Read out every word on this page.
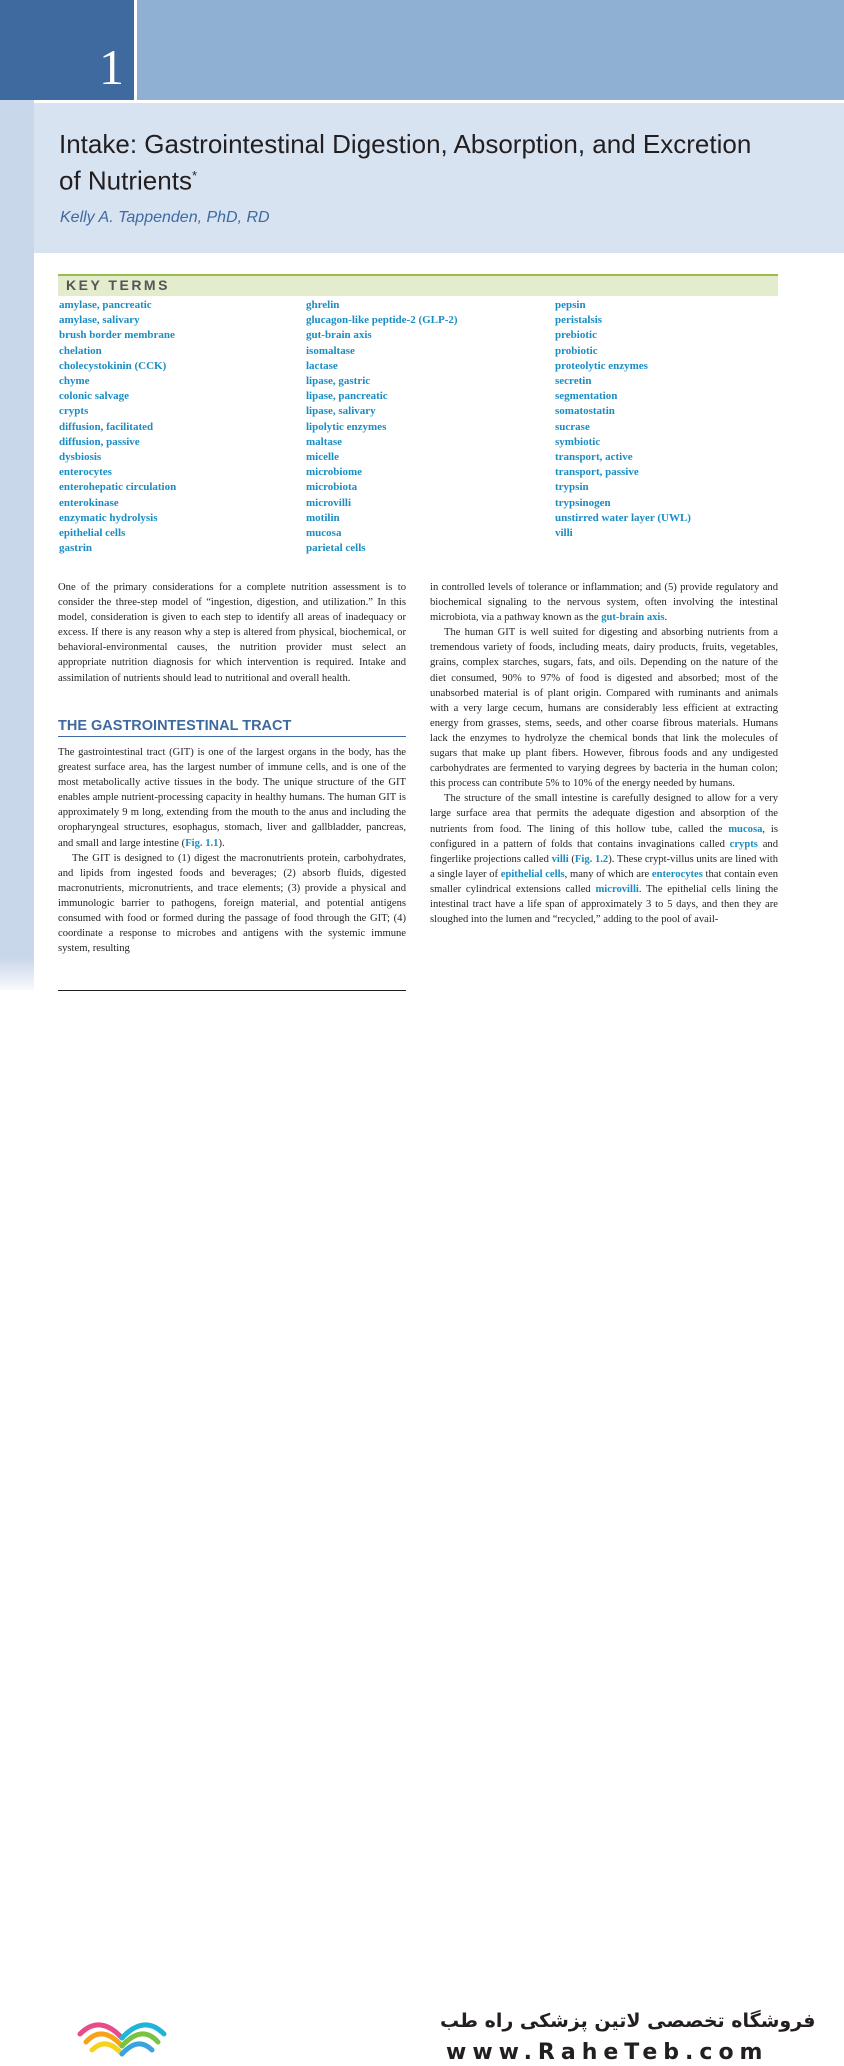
1
Intake: Gastrointestinal Digestion, Absorption, and Excretion of Nutrients*
Kelly A. Tappenden, PhD, RD
KEY TERMS
amylase, pancreatic
amylase, salivary
brush border membrane
chelation
cholecystokinin (CCK)
chyme
colonic salvage
crypts
diffusion, facilitated
diffusion, passive
dysbiosis
enterocytes
enterohepatic circulation
enterokinase
enzymatic hydrolysis
epithelial cells
gastrin
ghrelin
glucagon-like peptide-2 (GLP-2)
gut-brain axis
isomaltase
lactase
lipase, gastric
lipase, pancreatic
lipase, salivary
lipolytic enzymes
maltase
micelle
microbiome
microbiota
microvilli
motilin
mucosa
parietal cells
pepsin
peristalsis
prebiotic
probiotic
proteolytic enzymes
secretin
segmentation
somatostatin
sucrase
symbiotic
transport, active
transport, passive
trypsin
trypsinogen
unstirred water layer (UWL)
villi

One of the primary considerations for a complete nutrition assessment is to consider the three-step model of “ingestion, digestion, and utilization.” In this model, consideration is given to each step to identify all areas of inadequacy or excess. If there is any reason why a step is altered from physical, biochemical, or behavioral-environmental causes, the nutrition provider must select an appropriate nutrition diagnosis for which intervention is required. Intake and assimilation of nutrients should lead to nutritional and overall health.

THE GASTROINTESTINAL TRACT

The gastrointestinal tract (GIT) is one of the largest organs in the body, has the greatest surface area, has the largest number of immune cells, and is one of the most metabolically active tissues in the body. The unique structure of the GIT enables ample nutrient-processing capacity in healthy humans. The human GIT is approximately 9 m long, extending from the mouth to the anus and including the oropharyngeal structures, esophagus, stomach, liver and gallbladder, pancreas, and small and large intestine (Fig. 1.1).

The GIT is designed to (1) digest the macronutrients protein, carbohydrates, and lipids from ingested foods and beverages; (2) absorb fluids, digested macronutrients, micronutrients, and trace elements; (3) provide a physical and immunologic barrier to pathogens, foreign material, and potential antigens consumed with food or formed during the passage of food through the GIT; (4) coordinate a response to microbes and antigens with the systemic immune system, resulting

in controlled levels of tolerance or inflammation; and (5) provide regulatory and biochemical signaling to the nervous system, often involving the intestinal microbiota, via a pathway known as the gut-brain axis.

The human GIT is well suited for digesting and absorbing nutrients from a tremendous variety of foods, including meats, dairy products, fruits, vegetables, grains, complex starches, sugars, fats, and oils. Depending on the nature of the diet consumed, 90% to 97% of food is digested and absorbed; most of the unabsorbed material is of plant origin. Compared with ruminants and animals with a very large cecum, humans are considerably less efficient at extracting energy from grasses, stems, seeds, and other coarse fibrous materials. Humans lack the enzymes to hydrolyze the chemical bonds that link the molecules of sugars that make up plant fibers. However, fibrous foods and any undigested carbohydrates are fermented to varying degrees by bacteria in the human colon; this process can contribute 5% to 10% of the energy needed by humans.

The structure of the small intestine is carefully designed to allow for a very large surface area that permits the adequate digestion and absorption of the nutrients from food. The lining of this hollow tube, called the mucosa, is configured in a pattern of folds that contains invaginations called crypts and fingerlike projections called villi (Fig. 1.2). These crypt-villus units are lined with a single layer of epithelial cells, many of which are enterocytes that contain even smaller cylindrical extensions called microvilli. The epithelial cells lining the intestinal tract have a life span of approximately 3 to 5 days, and then they are sloughed into the lumen and “recycled,” adding to the pool of avail-

فروشگاه تخصصی لاتین پزشکی راه طب
www.RaheTeb.com
